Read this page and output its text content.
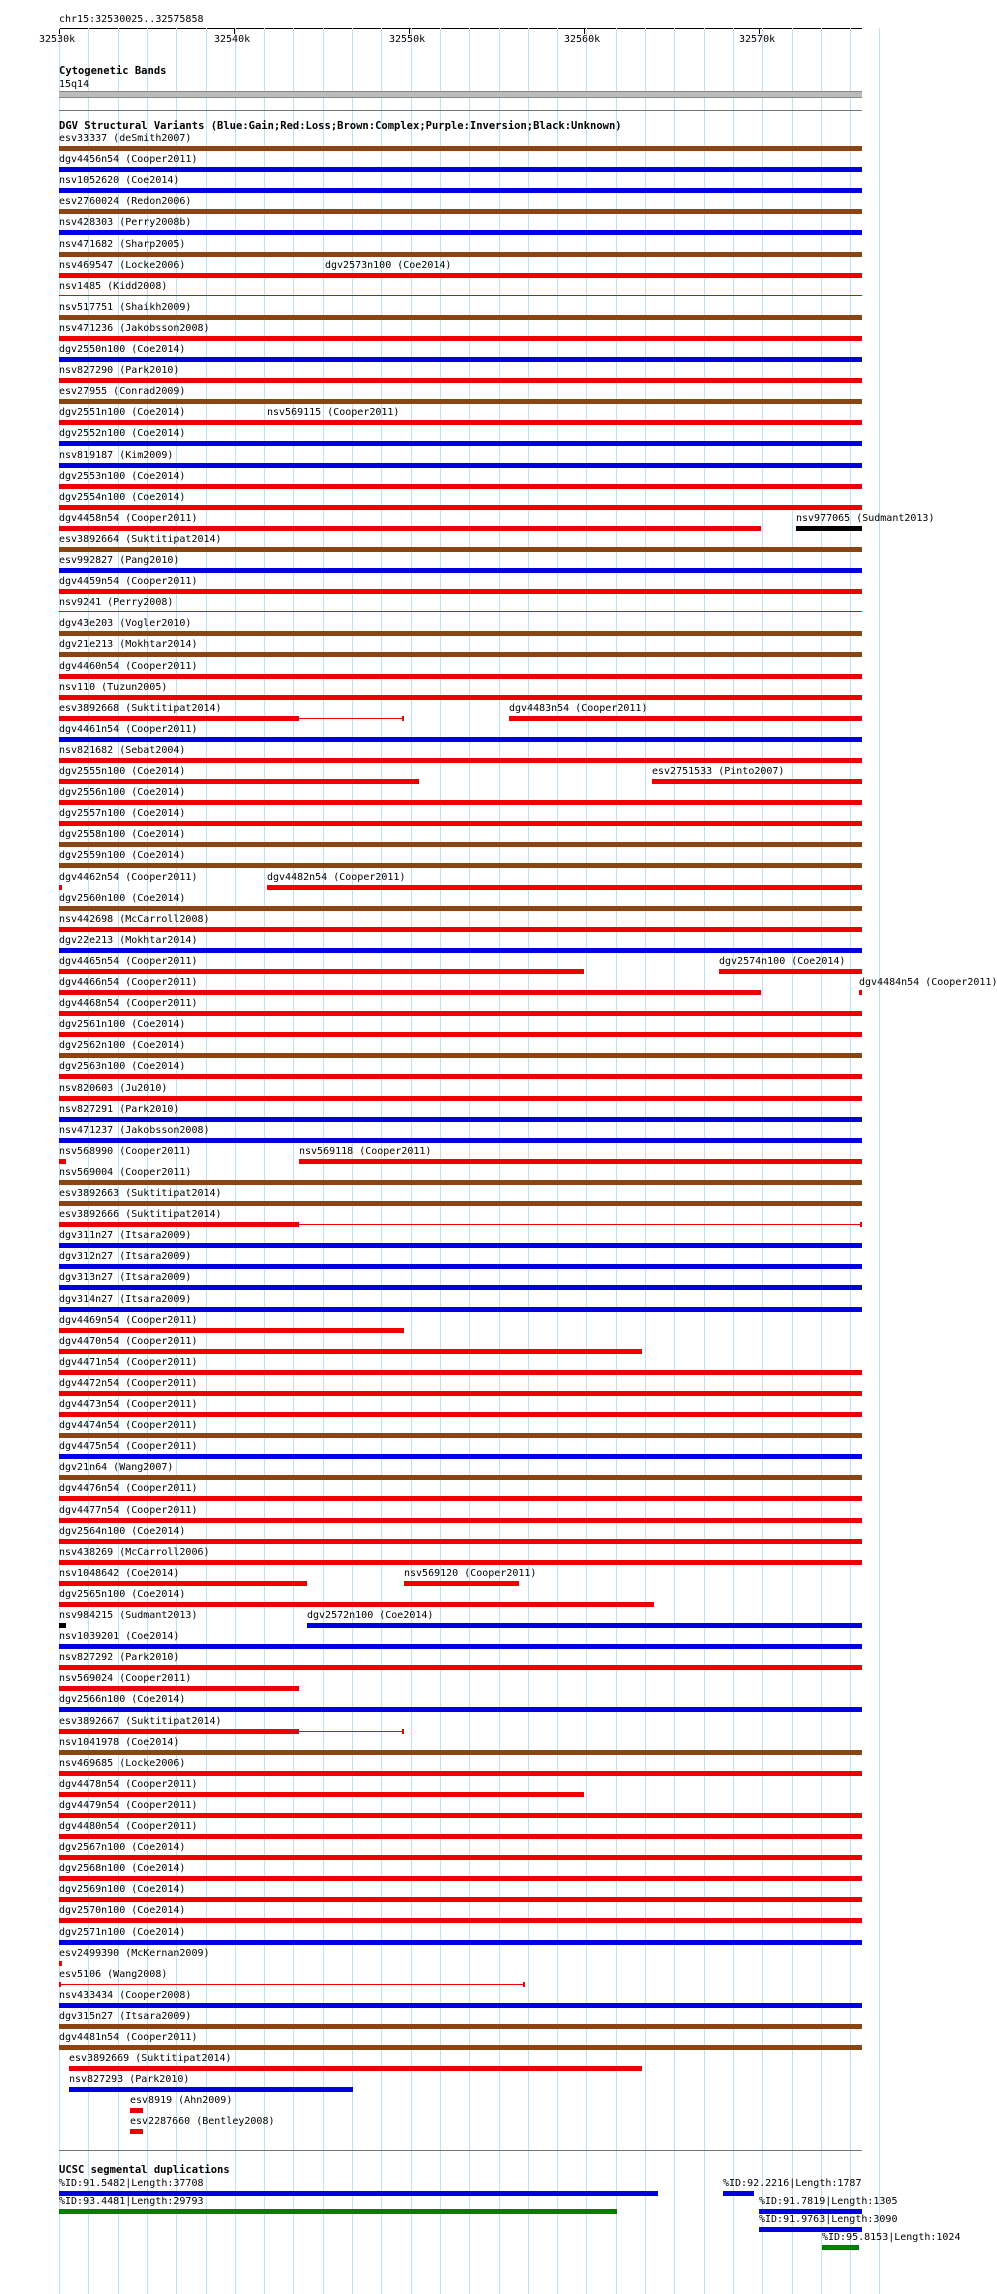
chr15:32530025..32575858
32530k	32540k	32550k	32560k	32570k
Cytogenetic Bands
15q14
DGV Structural Variants (Blue:Gain;Red:Loss;Brown:Complex;Purple:Inversion;Black:Unknown)
esv33337 (deSmith2007)
dgv4456n54 (Cooper2011)
nsv1052620 (Coe2014)
esv2760024 (Redon2006)
nsv428303 (Perry2008b)
nsv471682 (Sharp2005)
nsv469547 (Locke2006)	dgv2573n100 (Coe2014)
nsv1485 (Kidd2008)
nsv517751 (Shaikh2009)
nsv471236 (Jakobsson2008)
dgv2550n100 (Coe2014)
nsv827290 (Park2010)
esv27955 (Conrad2009)
dgv2551n100 (Coe2014)	nsv569115 (Cooper2011)
dgv2552n100 (Coe2014)
nsv819187 (Kim2009)
dgv2553n100 (Coe2014)
dgv2554n100 (Coe2014)
dgv4458n54 (Cooper2011)	nsv977065 (Sudmant2013)
esv3892664 (Suktitipat2014)
esv992827 (Pang2010)
dgv4459n54 (Cooper2011)
nsv9241 (Perry2008)
dgv43e203 (Vogler2010)
dgv21e213 (Mokhtar2014)
dgv4460n54 (Cooper2011)
nsv110 (Tuzun2005)
esv3892668 (Suktitipat2014)	dgv4483n54 (Cooper2011)
dgv4461n54 (Cooper2011)
nsv821682 (Sebat2004)
dgv2555n100 (Coe2014)	esv2751533 (Pinto2007)
dgv2556n100 (Coe2014)
dgv2557n100 (Coe2014)
dgv2558n100 (Coe2014)
dgv2559n100 (Coe2014)
dgv4462n54 (Cooper2011)	dgv4482n54 (Cooper2011)
dgv2560n100 (Coe2014)
nsv442698 (McCarroll2008)
dgv22e213 (Mokhtar2014)
dgv4465n54 (Cooper2011)	dgv2574n100 (Coe2014)
dgv4466n54 (Cooper2011)	dgv4484n54 (Cooper2011)
dgv4468n54 (Cooper2011)
dgv2561n100 (Coe2014)
dgv2562n100 (Coe2014)
dgv2563n100 (Coe2014)
nsv820603 (Ju2010)
nsv827291 (Park2010)
nsv471237 (Jakobsson2008)
nsv568990 (Cooper2011)	nsv569118 (Cooper2011)
nsv569004 (Cooper2011)
esv3892663 (Suktitipat2014)
esv3892666 (Suktitipat2014)
dgv311n27 (Itsara2009)
dgv312n27 (Itsara2009)
dgv313n27 (Itsara2009)
dgv314n27 (Itsara2009)
dgv4469n54 (Cooper2011)
dgv4470n54 (Cooper2011)
dgv4471n54 (Cooper2011)
dgv4472n54 (Cooper2011)
dgv4473n54 (Cooper2011)
dgv4474n54 (Cooper2011)
dgv4475n54 (Cooper2011)
dgv21n64 (Wang2007)
dgv4476n54 (Cooper2011)
dgv4477n54 (Cooper2011)
dgv2564n100 (Coe2014)
nsv438269 (McCarroll2006)
nsv1048642 (Coe2014)	nsv569120 (Cooper2011)
dgv2565n100 (Coe2014)
nsv984215 (Sudmant2013)	dgv2572n100 (Coe2014)
nsv1039201 (Coe2014)
nsv827292 (Park2010)
nsv569024 (Cooper2011)
dgv2566n100 (Coe2014)
esv3892667 (Suktitipat2014)
nsv1041978 (Coe2014)
nsv469685 (Locke2006)
dgv4478n54 (Cooper2011)
dgv4479n54 (Cooper2011)
dgv4480n54 (Cooper2011)
dgv2567n100 (Coe2014)
dgv2568n100 (Coe2014)
dgv2569n100 (Coe2014)
dgv2570n100 (Coe2014)
dgv2571n100 (Coe2014)
esv2499390 (McKernan2009)
esv5106 (Wang2008)
nsv433434 (Cooper2008)
dgv315n27 (Itsara2009)
dgv4481n54 (Cooper2011)
esv3892669 (Suktitipat2014)
nsv827293 (Park2010)
esv8919 (Ahn2009)
esv2287660 (Bentley2008)
UCSC segmental duplications
%ID:91.5482|Length:37708	%ID:92.2216|Length:1787
%ID:93.4481|Length:29793	%ID:91.7819|Length:1305
%ID:91.9763|Length:3090
%ID:95.8153|Length:1024
